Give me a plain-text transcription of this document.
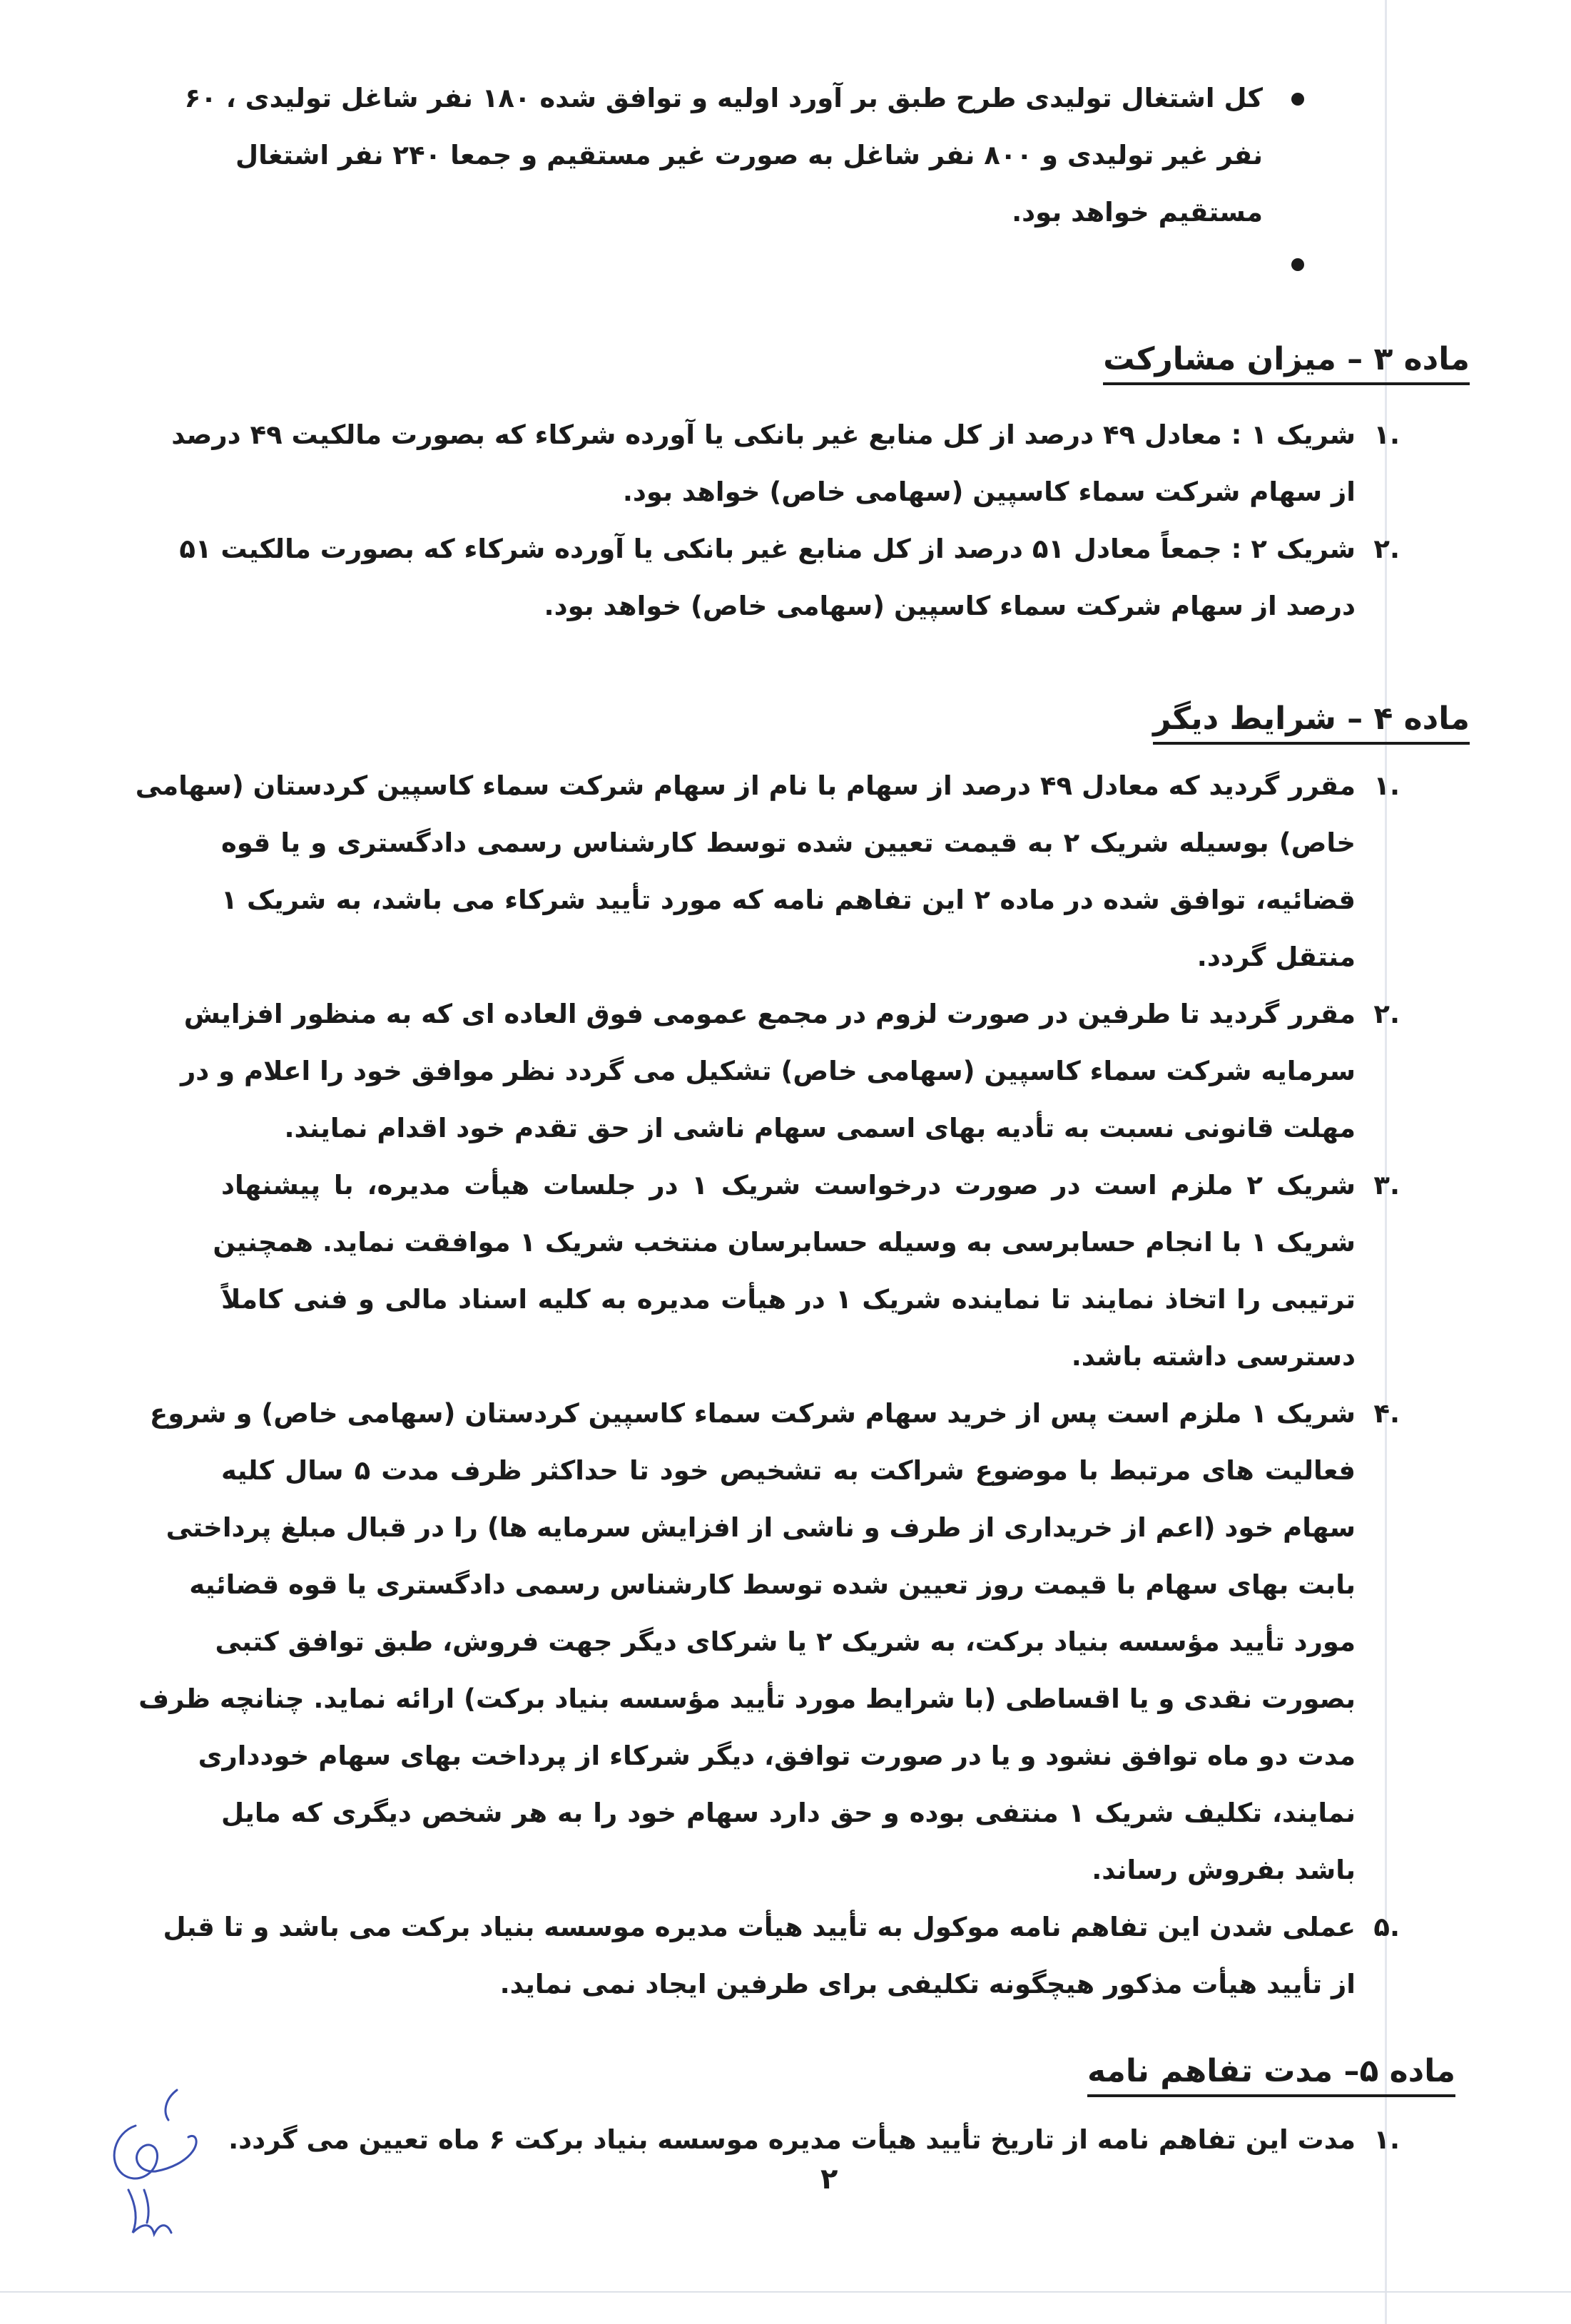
کل اشتغال تولیدی طرح طبق بر آورد اولیه و توافق شده ۱۸۰ نفر شاغل تولیدی ، ۶۰
نفر غیر تولیدی و ۸۰۰ نفر شاغل به صورت غیر مستقیم و جمعا ۲۴۰ نفر اشتغال
مستقیم خواهد بود.
ماده ۳ – میزان مشارکت
.۱
شریک ۱ : معادل ۴۹ درصد از کل منابع غیر بانکی یا آورده شرکاء که بصورت مالکیت ۴۹ درصد
از سهام شرکت سماء کاسپین (سهامی خاص) خواهد بود.
.۲
شریک ۲ : جمعاً معادل ۵۱ درصد از کل منابع غیر بانکی یا آورده شرکاء که بصورت مالکیت ۵۱
درصد از سهام شرکت سماء کاسپین (سهامی خاص) خواهد بود.
ماده ۴ – شرایط دیگر
.۱
مقرر گردید که معادل ۴۹ درصد از سهام با نام از سهام شرکت سماء کاسپین کردستان (سهامی
خاص) بوسیله شریک ۲ به قیمت تعیین شده توسط کارشناس رسمی دادگستری و یا قوه
قضائیه، توافق شده در ماده ۲ این تفاهم نامه که مورد تأیید شرکاء می باشد، به شریک ۱
منتقل گردد.
.۲
مقرر گردید تا طرفین در صورت لزوم در مجمع عمومی فوق العاده ای که به منظور افزایش
سرمایه شرکت سماء کاسپین (سهامی خاص) تشکیل می گردد نظر موافق خود را اعلام و در
مهلت قانونی نسبت به تأدیه بهای اسمی سهام ناشی از حق تقدم خود اقدام نمایند.
.۳
شریک ۲ ملزم است در صورت درخواست شریک ۱ در جلسات هیأت مدیره، با پیشنهاد
شریک ۱ با انجام حسابرسی به وسیله حسابرسان منتخب شریک ۱ موافقت نماید. همچنین
ترتیبی را اتخاذ نمایند تا نماینده شریک ۱ در هیأت مدیره به کلیه اسناد مالی و فنی کاملاً
دسترسی داشته باشد.
.۴
شریک ۱ ملزم است پس از خرید سهام شرکت سماء کاسپین کردستان (سهامی خاص) و شروع
فعالیت های مرتبط با موضوع شراکت به تشخیص خود تا حداکثر ظرف مدت ۵ سال کلیه
سهام خود (اعم از خریداری از طرف و ناشی از افزایش سرمایه ها) را در قبال مبلغ پرداختی
بابت بهای سهام با قیمت روز تعیین شده توسط کارشناس رسمی دادگستری یا قوه قضائیه
مورد تأیید مؤسسه بنیاد برکت، به شریک ۲ یا شرکای دیگر جهت فروش، طبق توافق کتبی
بصورت نقدی و یا اقساطی (با شرایط مورد تأیید مؤسسه بنیاد برکت) ارائه نماید. چنانچه ظرف
مدت دو ماه توافق نشود و یا در صورت توافق، دیگر شرکاء از پرداخت بهای سهام خودداری
نمایند، تکلیف شریک ۱ منتفی بوده و حق دارد سهام خود را به هر شخص دیگری که مایل
باشد بفروش رساند.
.۵
عملی شدن این تفاهم نامه موکول به تأیید هیأت مدیره موسسه بنیاد برکت می باشد و تا قبل
از تأیید هیأت مذکور هیچگونه تکلیفی برای طرفین ایجاد نمی نماید.
ماده ۵– مدت تفاهم نامه
.۱
مدت این تفاهم نامه از تاریخ تأیید هیأت مدیره موسسه بنیاد برکت ۶ ماه تعیین می گردد.
۲
